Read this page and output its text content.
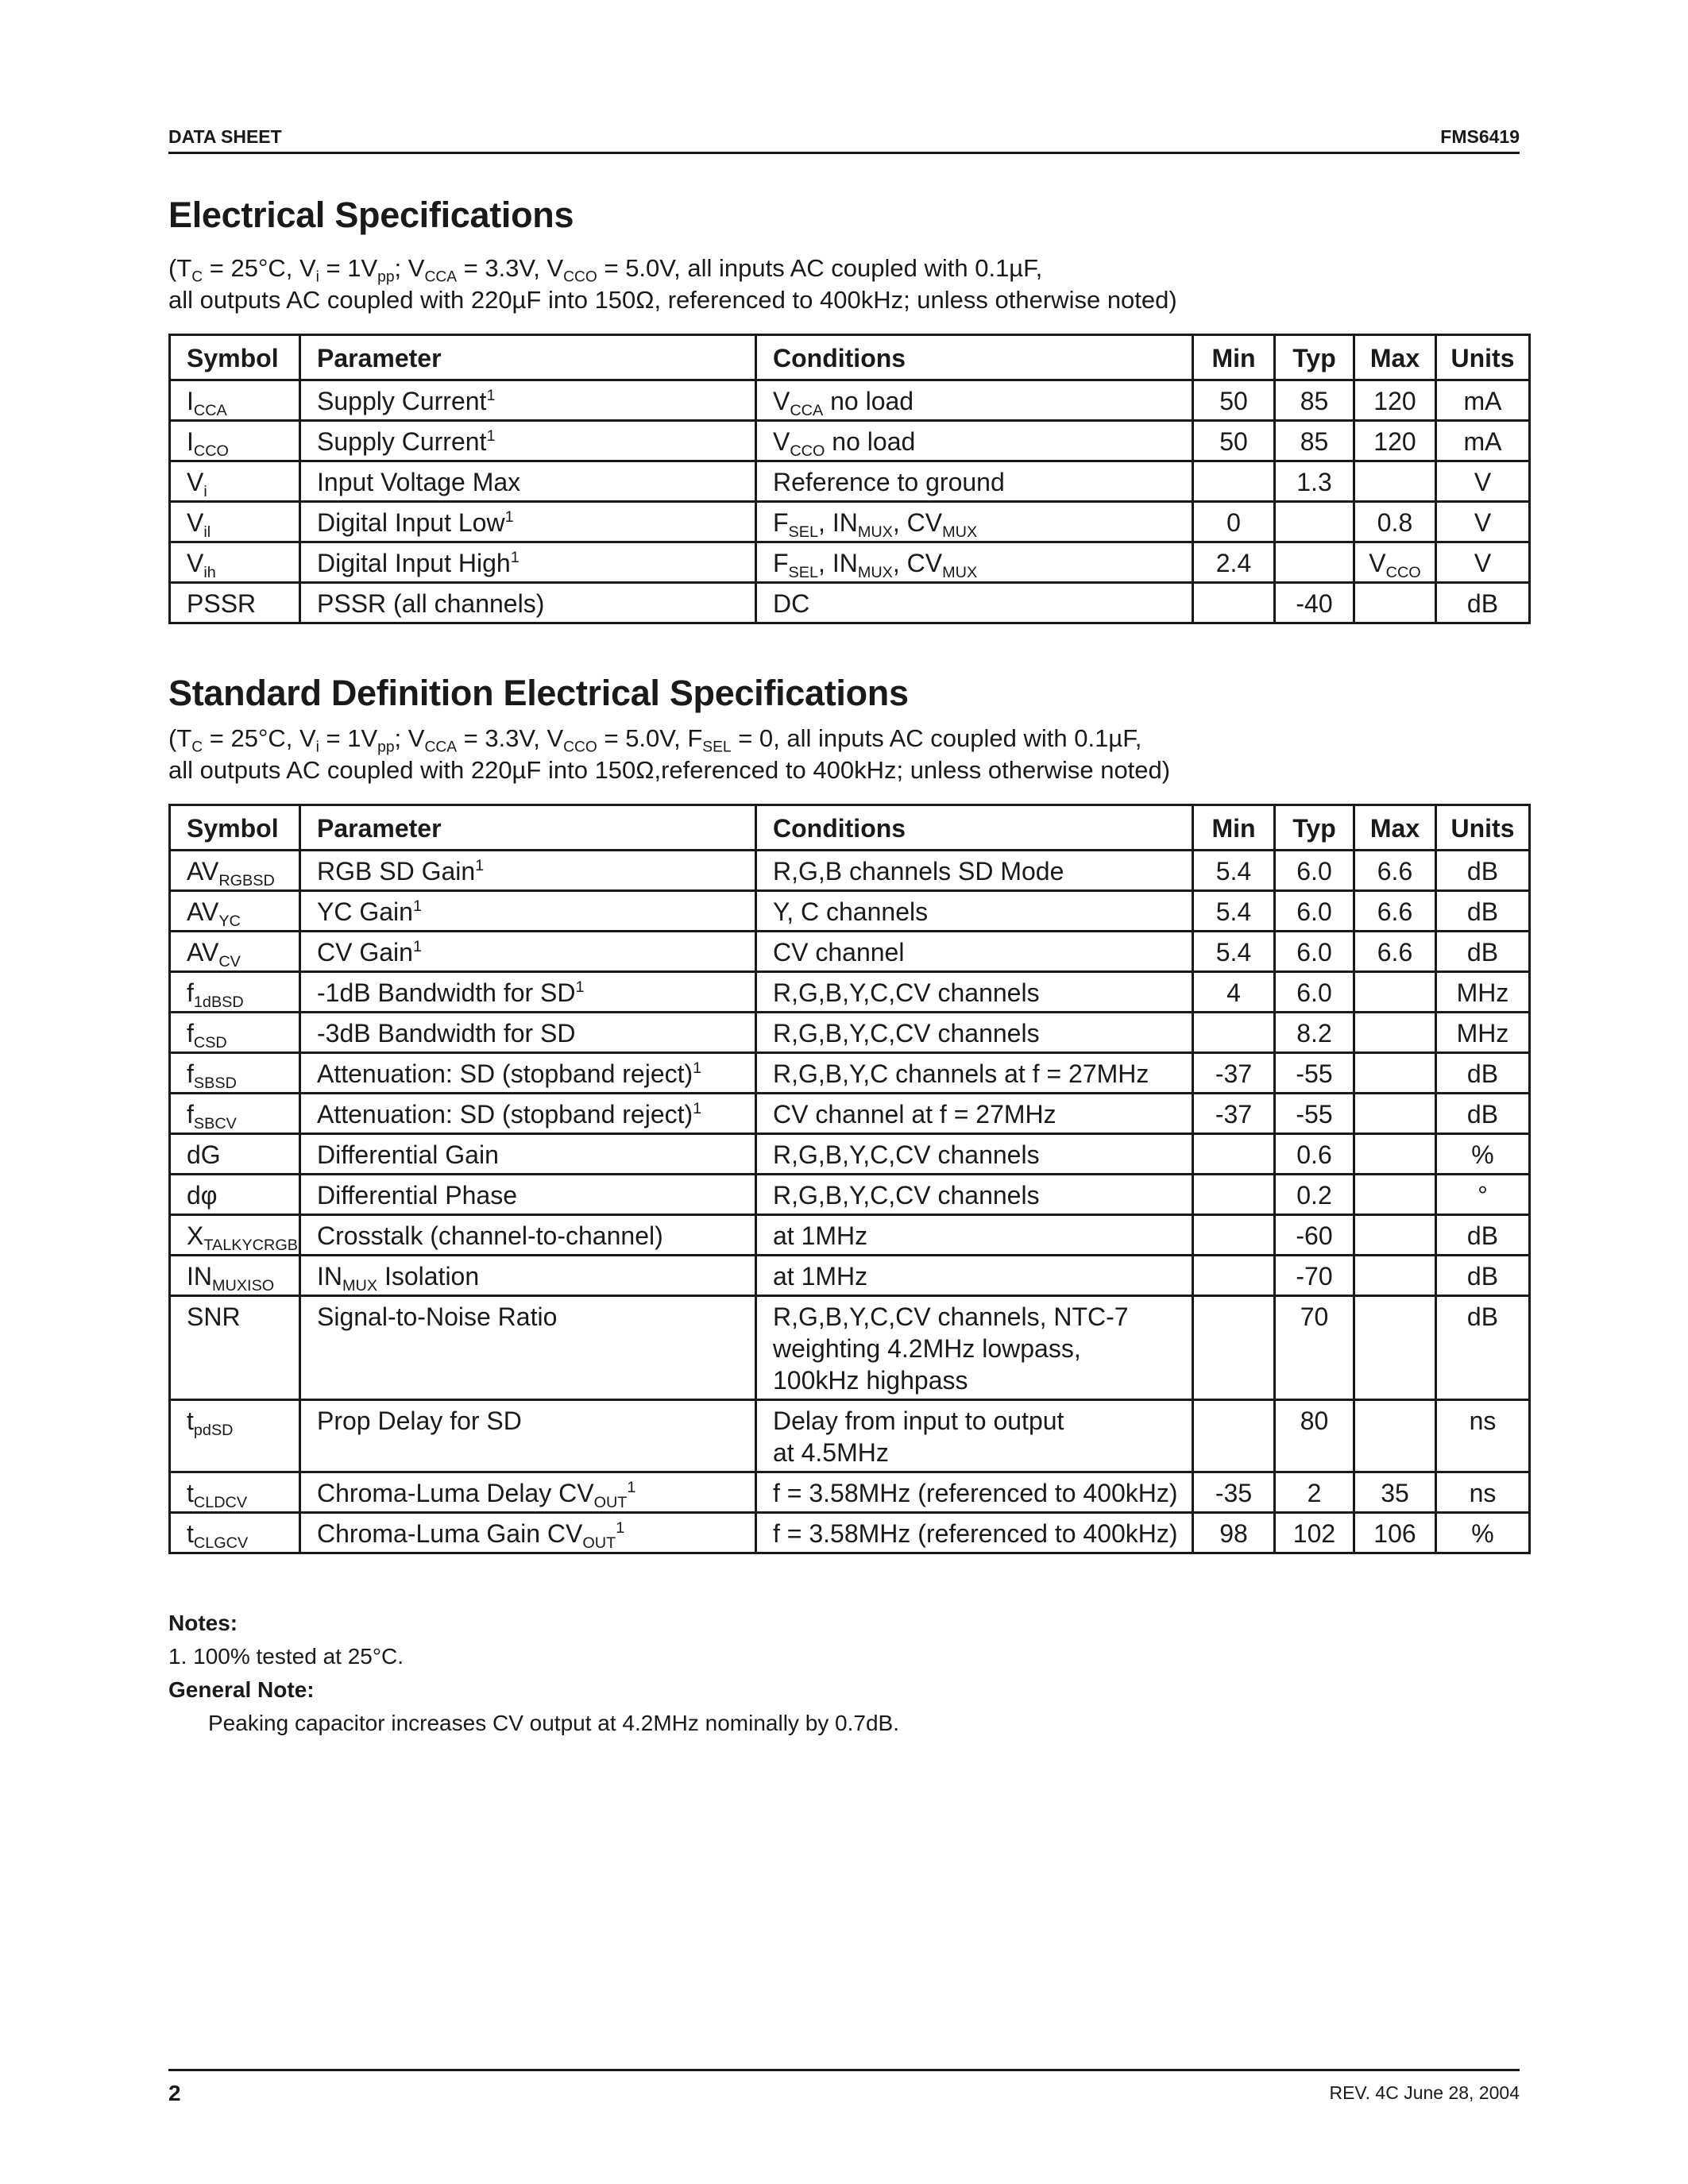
DATA SHEET	FMS6419
Electrical Specifications
($T_C = 25^\circ C$, $V_i = 1V_{pp}$; $V_{CCA} = 3.3V$, $V_{CCO} = 5.0V$, all inputs AC coupled with 0.1µF,
all outputs AC coupled with 220µF into 150Ω, referenced to 400kHz; unless otherwise noted)
Symbol	Parameter	Conditions	Min	Typ	Max	Units
$I_{CCA}$	Supply Current$^1$	$V_{CCA}$ no load	50	85	120	mA
$I_{CCO}$	Supply Current$^1$	$V_{CCO}$ no load	50	85	120	mA
$V_i$	Input Voltage Max	Reference to ground		1.3		V
$V_{il}$	Digital Input Low$^1$	$F_{SEL}$, $IN_{MUX}$, $CV_{MUX}$	0		0.8	V
$V_{ih}$	Digital Input High$^1$	$F_{SEL}$, $IN_{MUX}$, $CV_{MUX}$	2.4		$V_{CCO}$	V
PSSR	PSSR (all channels)	DC		-40		dB
Standard Definition Electrical Specifications
($T_C = 25^\circ C$, $V_i = 1V_{pp}$; $V_{CCA} = 3.3V$, $V_{CCO} = 5.0V$, $F_{SEL} = 0$, all inputs AC coupled with 0.1µF,
all outputs AC coupled with 220µF into 150Ω,referenced to 400kHz; unless otherwise noted)
Symbol	Parameter	Conditions	Min	Typ	Max	Units
$AV_{RGBSD}$	RGB SD Gain$^1$	R,G,B channels SD Mode	5.4	6.0	6.6	dB
$AV_{YC}$	YC Gain$^1$	Y, C channels	5.4	6.0	6.6	dB
$AV_{CV}$	CV Gain$^1$	CV channel	5.4	6.0	6.6	dB
$f_{1dBSD}$	-1dB Bandwidth for $SD^1$	R,G,B,Y,C,CV channels	4	6.0		MHz
$f_{CSD}$	-3dB Bandwidth for SD	R,G,B,Y,C,CV channels		8.2		MHz
$f_{SBSD}$	Attenuation: SD (stopband reject)$^1$	R,G,B,Y,C channels at f = 27MHz	-37	-55		dB
$f_{SBCV}$	Attenuation: SD (stopband reject)$^1$	CV channel at f = 27MHz	-37	-55		dB
dG	Differential Gain	R,G,B,Y,C,CV channels		0.6		%
dφ	Differential Phase	R,G,B,Y,C,CV channels		0.2		°
$X_{TALKYCRGB}$	Crosstalk (channel-to-channel)	at 1MHz		-60		dB
$IN_{MUXISO}$	$IN_{MUX}$ Isolation	at 1MHz		-70		dB
SNR	Signal-to-Noise Ratio	R,G,B,Y,C,CV channels, NTC-7
weighting 4.2MHz lowpass,
100kHz highpass		70		dB
$t_{pdSD}$	Prop Delay for SD	Delay from input to output
at 4.5MHz		80		ns
$t_{CLDCV}$	Chroma-Luma Delay $CV_{OUT}^1$	f = 3.58MHz (referenced to 400kHz)	-35	2	35	ns
$t_{CLGCV}$	Chroma-Luma Gain $CV_{OUT}^1$	f = 3.58MHz (referenced to 400kHz)	98	102	106	%
Notes:
1. 100% tested at 25°C.
General Note:
Peaking capacitor increases CV output at 4.2MHz nominally by 0.7dB.
2	REV. 4C June 28, 2004
